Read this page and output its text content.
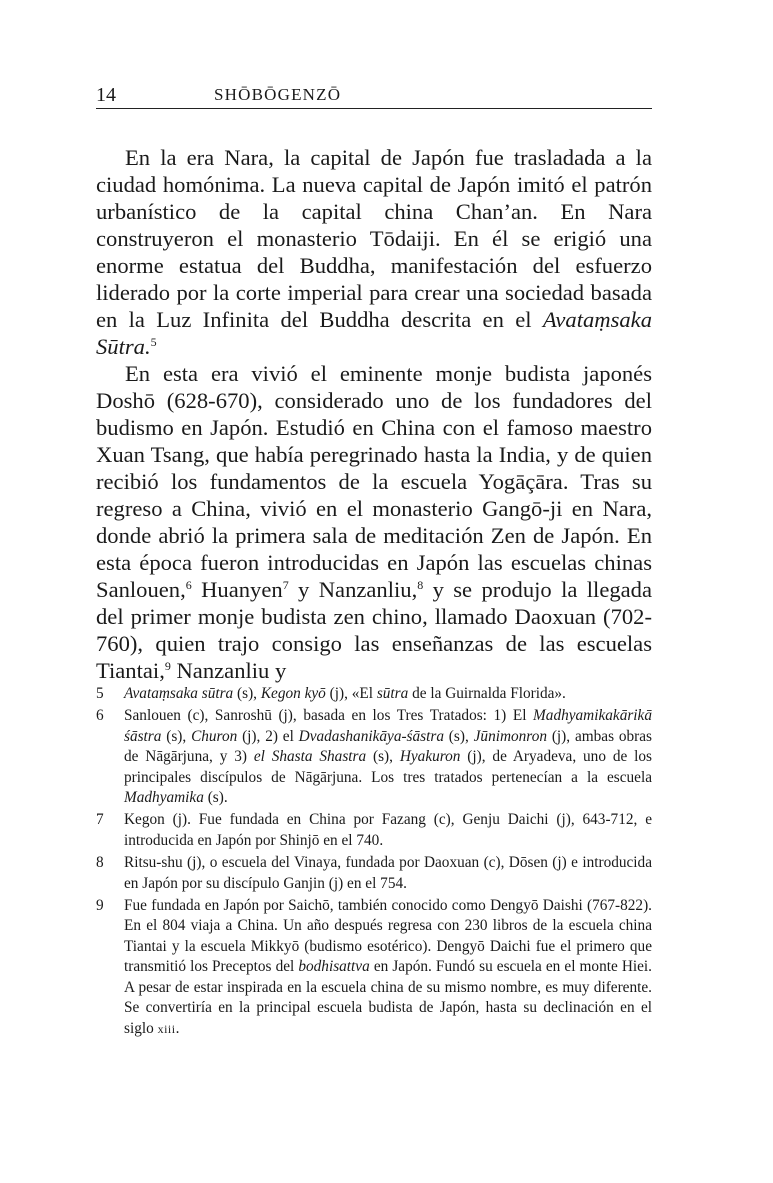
14	SHŌBŌGENZŌ

En la era Nara, la capital de Japón fue trasladada a la ciudad homónima. La nueva capital de Japón imitó el patrón urbanístico de la capital china Chan’an. En Nara construyeron el monasterio Tōdaiji. En él se erigió una enorme estatua del Buddha, manifestación del esfuerzo liderado por la corte imperial para crear una sociedad basada en la Luz Infinita del Buddha descrita en el Avataṃsaka Sūtra.$^5$

En esta era vivió el eminente monje budista japonés Doshō (628-670), considerado uno de los fundadores del budismo en Japón. Estudió en China con el famoso maestro Xuan Tsang, que había peregrinado hasta la India, y de quien recibió los fundamentos de la escuela Yogāçāra. Tras su regreso a China, vivió en el monasterio Gangō-ji en Nara, donde abrió la primera sala de meditación Zen de Japón. En esta época fueron introducidas en Japón las escuelas chinas Sanlouen,$^6$ Huanyen$^7$ y Nanzanliu,$^8$ y se produjo la llegada del primer monje budista zen chino, llamado Daoxuan (702-760), quien trajo consigo las enseñanzas de las escuelas Tiantai,$^9$ Nanzanliu y

5 Avataṃsaka sūtra (s), Kegon kyō (j), «El sūtra de la Guirnalda Florida».
6 Sanlouen (c), Sanroshū (j), basada en los Tres Tratados: 1) El Madhyamikakārikā śāstra (s), Churon (j), 2) el Dvadashanikāya-śāstra (s), Jūnimonron (j), ambas obras de Nāgārjuna, y 3) el Shasta Shastra (s), Hyakuron (j), de Aryadeva, uno de los principales discípulos de Nāgārjuna. Los tres tratados pertenecían a la escuela Madhyamika (s).
7 Kegon (j). Fue fundada en China por Fazang (c), Genju Daichi (j), 643-712, e introducida en Japón por Shinjō en el 740.
8 Ritsu-shu (j), o escuela del Vinaya, fundada por Daoxuan (c), Dōsen (j) e introducida en Japón por su discípulo Ganjin (j) en el 754.
9 Fue fundada en Japón por Saichō, también conocido como Dengyō Daishi (767-822). En el 804 viaja a China. Un año después regresa con 230 libros de la escuela china Tiantai y la escuela Mikkyō (budismo esotérico). Dengyō Daichi fue el primero que transmitió los Preceptos del bodhisattva en Japón. Fundó su escuela en el monte Hiei. A pesar de estar inspirada en la escuela china de su mismo nombre, es muy diferente. Se convertiría en la principal escuela budista de Japón, hasta su declinación en el siglo xiii.
